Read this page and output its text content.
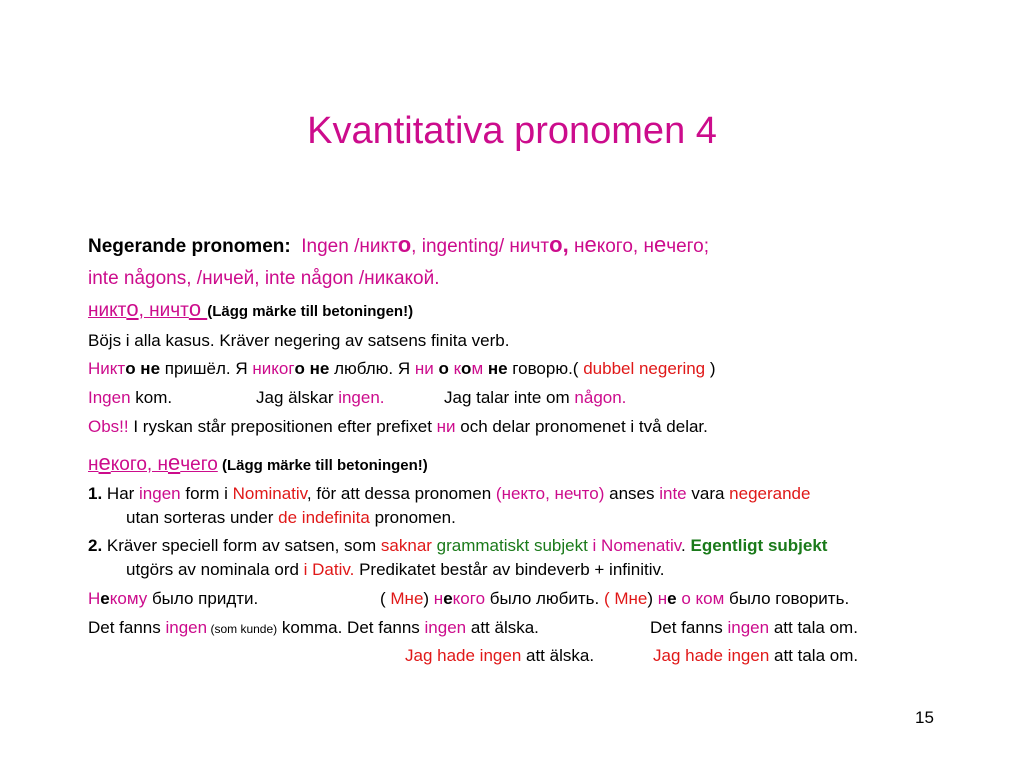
Kvantitativa pronomen 4
Negerande pronomen: Ingen /никто, ingenting/ ничто, некого, нечего;
inte någons, /ничей, inte någon /никакой.
никто, ничто (Lägg märke till betoningen!)
Böjs i alla kasus. Kräver negering av satsens finita verb.
Никто не пришёл. Я никого не люблю. Я ни о ком не говорю.( dubbel negering )
Ingen kom.	Jag älskar ingen.	Jag talar inte om någon.
Obs!! I ryskan står prepositionen efter prefixet ни och delar pronomenet i två delar.
некого, нечего (Lägg märke till betoningen!)
1. Har ingen form i Nominativ, för att dessa pronomen (некто, нечто) anses inte vara negerande
utan sorteras under de indefinita pronomen.
2. Kräver speciell form av satsen, som saknar grammatiskt subjekt i Nomenativ. Egentligt subjekt
utgörs av nominala ord i Dativ. Predikatet består av bindeverb + infinitiv.
Некому было придти.	( Мне) некого было любить. ( Мне) не о ком было говорить.
Det fanns ingen (som kunde) komma. Det fanns ingen att älska.	Det fanns ingen att tala om.
Jag hade ingen att älska.	Jag hade ingen att tala om.
15
